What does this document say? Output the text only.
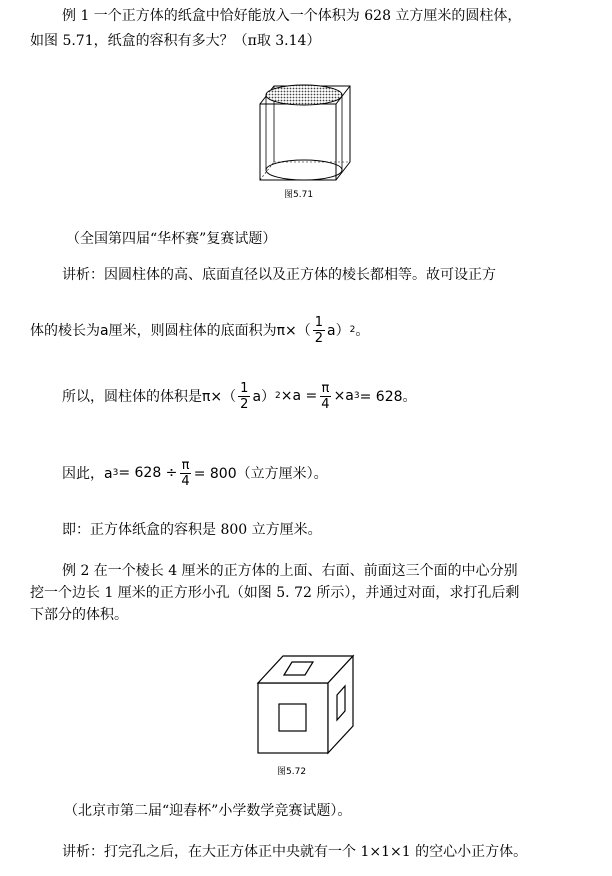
例 1 一个正方体的纸盒中恰好能放入一个体积为 628 立方厘米的圆柱体，
如图 5.71，纸盒的容积有多大？（π取 3.14）
图5.71
（全国第四届“华杯赛”复赛试题）
讲析：因圆柱体的高、底面直径以及正方体的棱长都相等。故可设正方
体的棱长为a厘米，则圆柱体的底面积为$\pi\times( \frac{1}{2} a)$ 2 。
所以，圆柱体的体积是$\pi\times( \frac{1}{2} a)$ $2 \times a = \frac{\pi}{4} \times a$ 3 = 628。
因此，a $3 = 628 \div \frac{\pi}{4} = 800$（立方厘米）。
即：正方体纸盒的容积是 800 立方厘米。
例 2 在一个棱长 4 厘米的正方体的上面、右面、前面这三个面的中心分别
挖一个边长 1 厘米的正方形小孔（如图 5. 72 所示），并通过对面，求打孔后剩
下部分的体积。
图5.72
（北京市第二届“迎春杯”小学数学竞赛试题）。
讲析：打完孔之后，在大正方体正中央就有一个 1×1×1 的空心小正方体。
